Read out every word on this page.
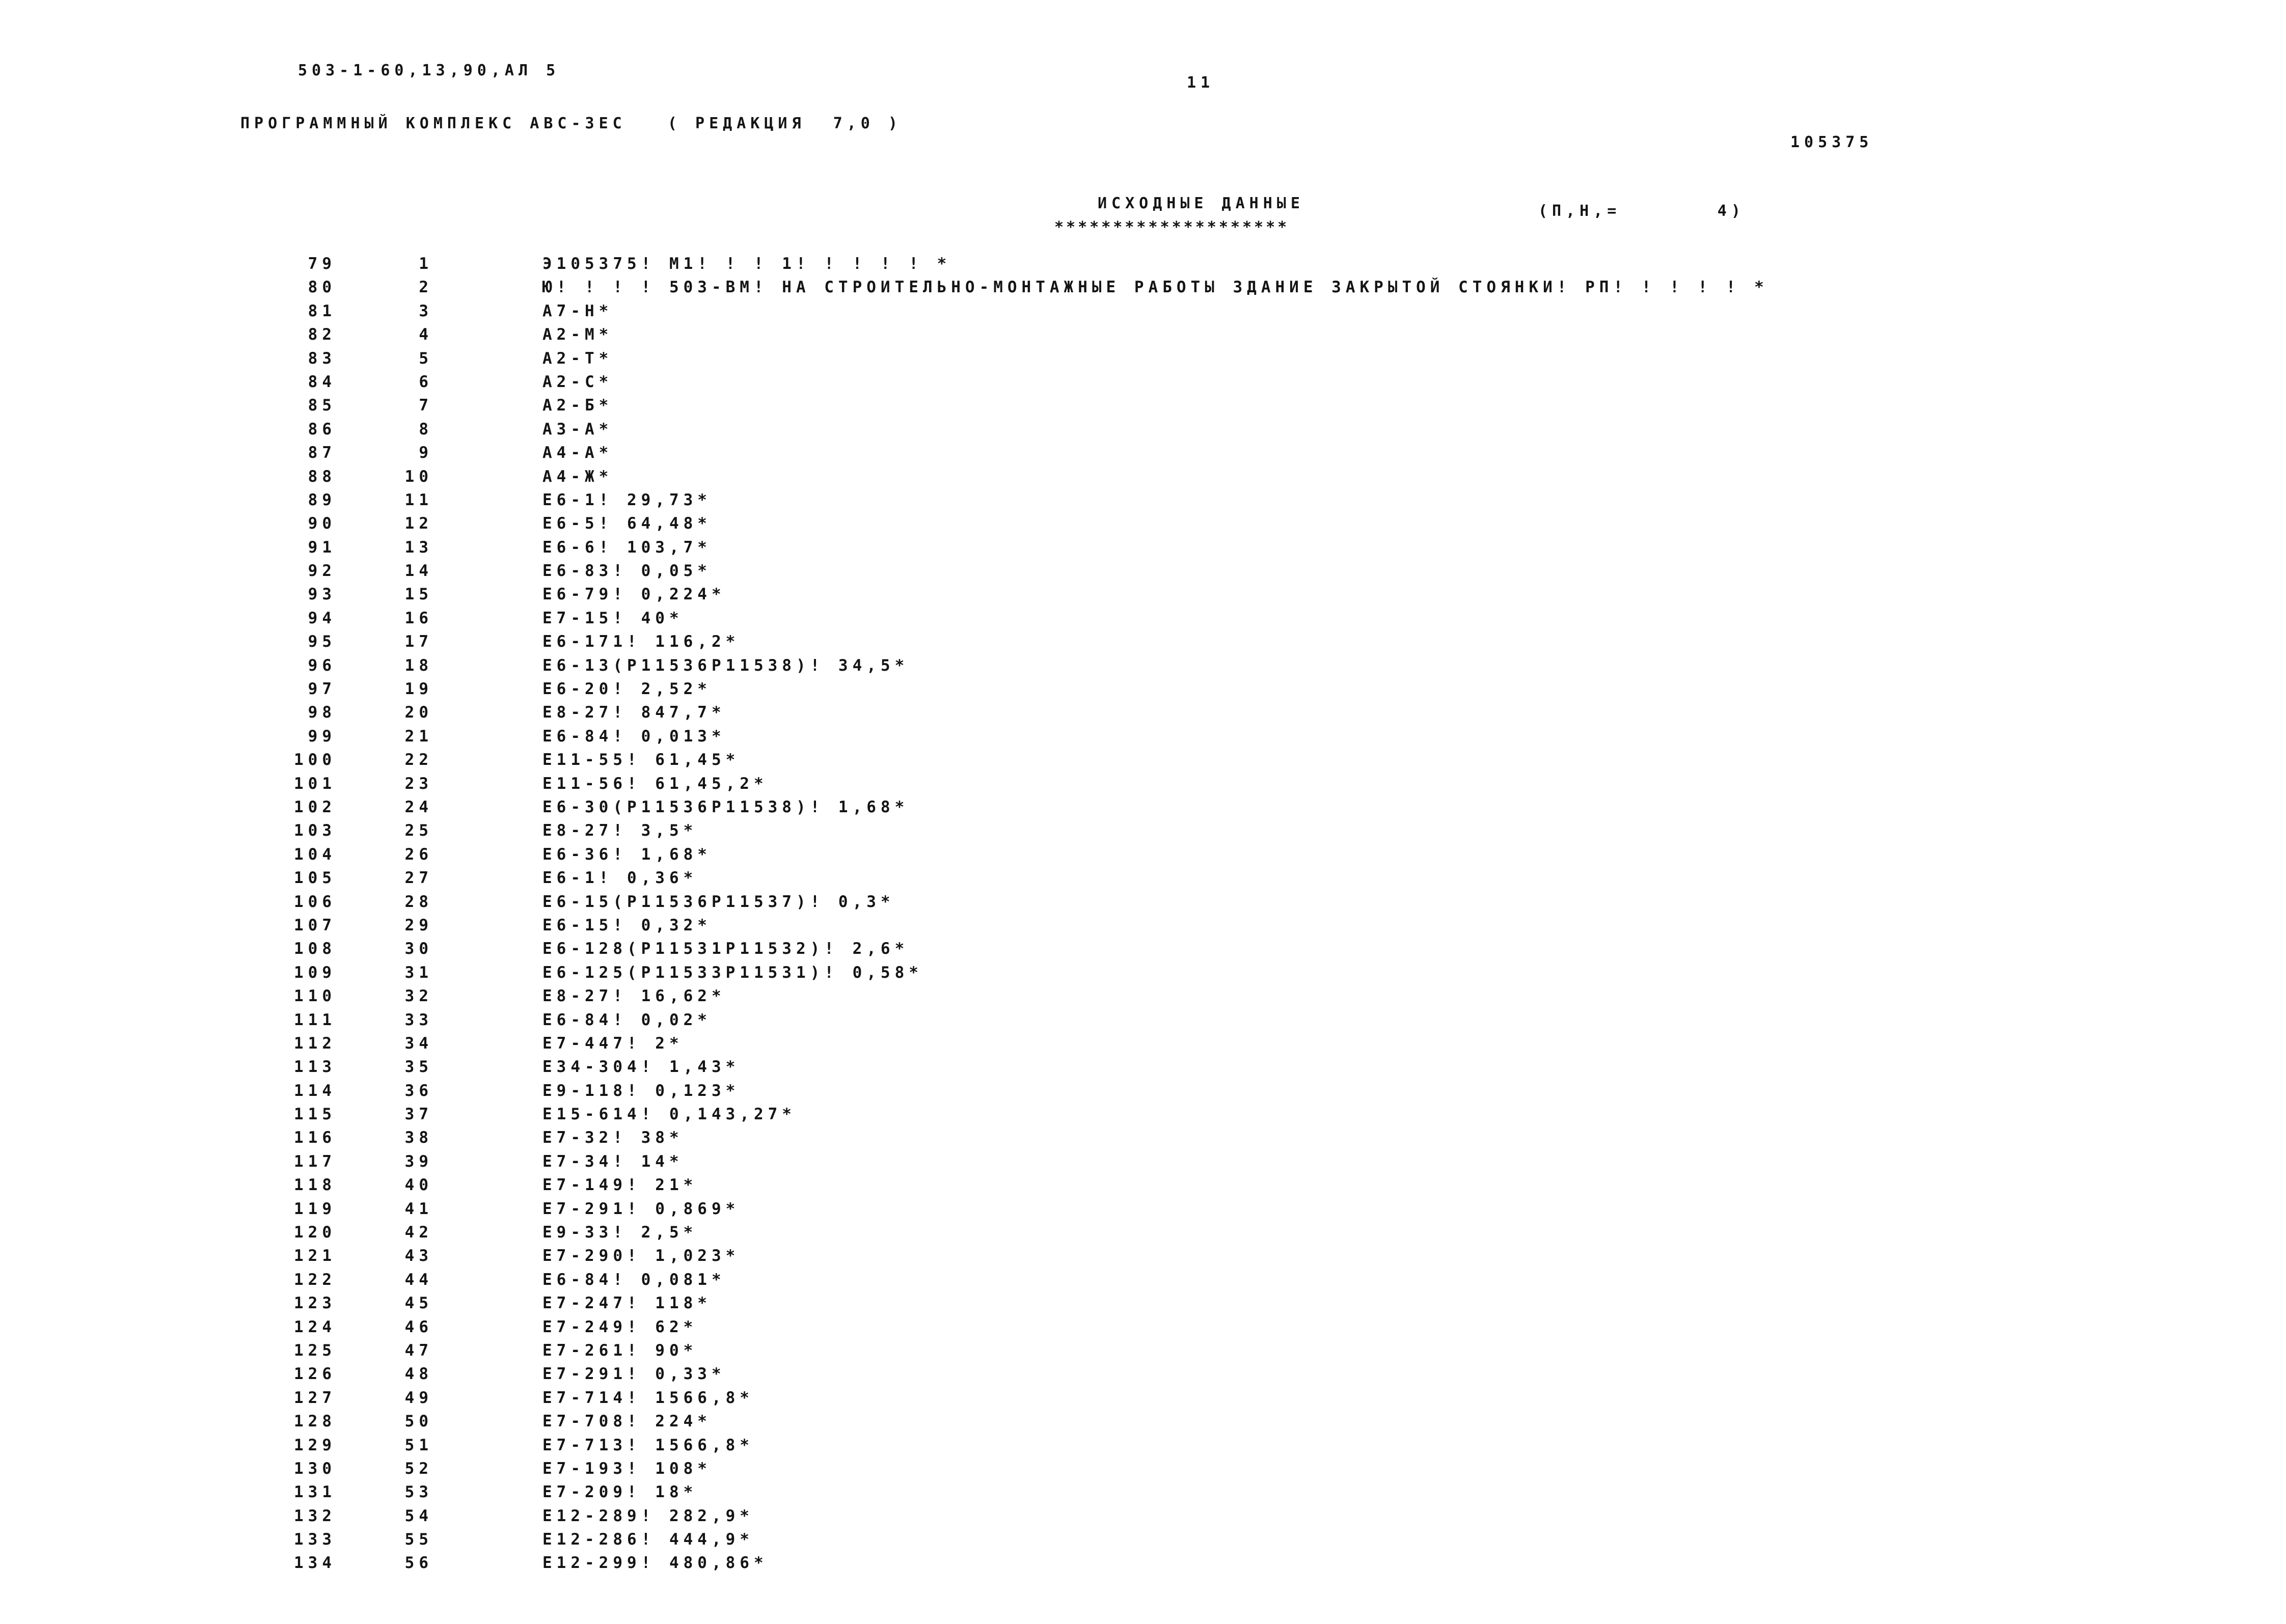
503-1-60,13,90,АЛ 5
11
ПРОГРАММНЫЙ КОМПЛЕКС АВС-ЗЕС   ( РЕДАКЦИЯ  7,0 )
105375
ИСХОДНЫЕ ДАННЫЕ
********************
(П,Н,=       4)
79	1	Э105375! М1! ! ! 1! ! ! ! ! *
80	2	Ю! ! ! ! 503-ВМ! НА СТРОИТЕЛЬНО-МОНТАЖНЫЕ РАБОТЫ ЗДАНИЕ ЗАКРЫТОЙ СТОЯНКИ! РП! ! ! ! ! *
81	3	А7-Н*
82	4	А2-М*
83	5	А2-Т*
84	6	А2-С*
85	7	А2-Б*
86	8	А3-А*
87	9	А4-А*
88	10	А4-Ж*
89	11	Е6-1! 29,73*
90	12	Е6-5! 64,48*
91	13	Е6-6! 103,7*
92	14	Е6-83! 0,05*
93	15	Е6-79! 0,224*
94	16	Е7-15! 40*
95	17	Е6-171! 116,2*
96	18	Е6-13(Р11536Р11538)! 34,5*
97	19	Е6-20! 2,52*
98	20	Е8-27! 847,7*
99	21	Е6-84! 0,013*
100	22	Е11-55! 61,45*
101	23	Е11-56! 61,45,2*
102	24	Е6-30(Р11536Р11538)! 1,68*
103	25	Е8-27! 3,5*
104	26	Е6-36! 1,68*
105	27	Е6-1! 0,36*
106	28	Е6-15(Р11536Р11537)! 0,3*
107	29	Е6-15! 0,32*
108	30	Е6-128(Р11531Р11532)! 2,6*
109	31	Е6-125(Р11533Р11531)! 0,58*
110	32	Е8-27! 16,62*
111	33	Е6-84! 0,02*
112	34	Е7-447! 2*
113	35	Е34-304! 1,43*
114	36	Е9-118! 0,123*
115	37	Е15-614! 0,143,27*
116	38	Е7-32! 38*
117	39	Е7-34! 14*
118	40	Е7-149! 21*
119	41	Е7-291! 0,869*
120	42	Е9-33! 2,5*
121	43	Е7-290! 1,023*
122	44	Е6-84! 0,081*
123	45	Е7-247! 118*
124	46	Е7-249! 62*
125	47	Е7-261! 90*
126	48	Е7-291! 0,33*
127	49	Е7-714! 1566,8*
128	50	Е7-708! 224*
129	51	Е7-713! 1566,8*
130	52	Е7-193! 108*
131	53	Е7-209! 18*
132	54	Е12-289! 282,9*
133	55	Е12-286! 444,9*
134	56	Е12-299! 480,86*
